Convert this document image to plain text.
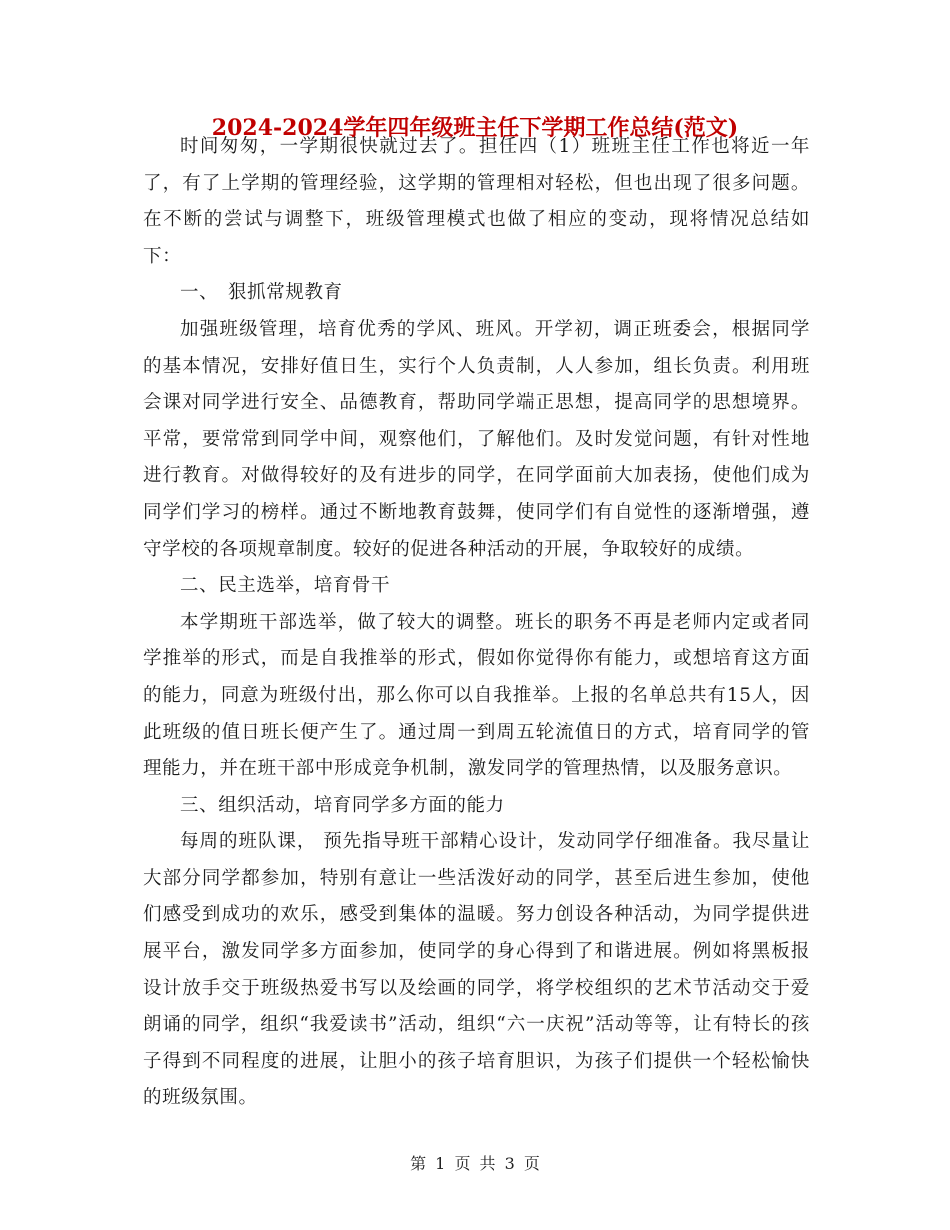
2024-2024学年四年级班主任下学期工作总结(范文)

时间匆匆，一学期很快就过去了。担任四（1）班班主任工作也将近一年了，有了上学期的管理经验，这学期的管理相对轻松，但也出现了很多问题。在不断的尝试与调整下，班级管理模式也做了相应的变动，现将情况总结如下：

一、　狠抓常规教育

加强班级管理，培育优秀的学风、班风。开学初，调正班委会，根据同学的基本情况，安排好值日生，实行个人负责制，人人参加，组长负责。利用班会课对同学进行安全、品德教育，帮助同学端正思想，提高同学的思想境界。平常，要常常到同学中间，观察他们，了解他们。及时发觉问题，有针对性地进行教育。对做得较好的及有进步的同学，在同学面前大加表扬，使他们成为同学们学习的榜样。通过不断地教育鼓舞，使同学们有自觉性的逐渐增强，遵守学校的各项规章制度。较好的促进各种活动的开展，争取较好的成绩。

二、民主选举，培育骨干

本学期班干部选举，做了较大的调整。班长的职务不再是老师内定或者同学推举的形式，而是自我推举的形式，假如你觉得你有能力，或想培育这方面的能力，同意为班级付出，那么你可以自我推举。上报的名单总共有15人，因此班级的值日班长便产生了。通过周一到周五轮流值日的方式，培育同学的管理能力，并在班干部中形成竞争机制，激发同学的管理热情，以及服务意识。

三、组织活动，培育同学多方面的能力

每周的班队课， 预先指导班干部精心设计，发动同学仔细准备。我尽量让大部分同学都参加，特别有意让一些活泼好动的同学，甚至后进生参加，使他们感受到成功的欢乐，感受到集体的温暖。努力创设各种活动，为同学提供进展平台，激发同学多方面参加，使同学的身心得到了和谐进展。例如将黑板报设计放手交于班级热爱书写以及绘画的同学，将学校组织的艺术节活动交于爱朗诵的同学，组织“我爱读书”活动，组织“六一庆祝”活动等等，让有特长的孩子得到不同程度的进展，让胆小的孩子培育胆识，为孩子们提供一个轻松愉快的班级氛围。

第 1 页 共 3 页
